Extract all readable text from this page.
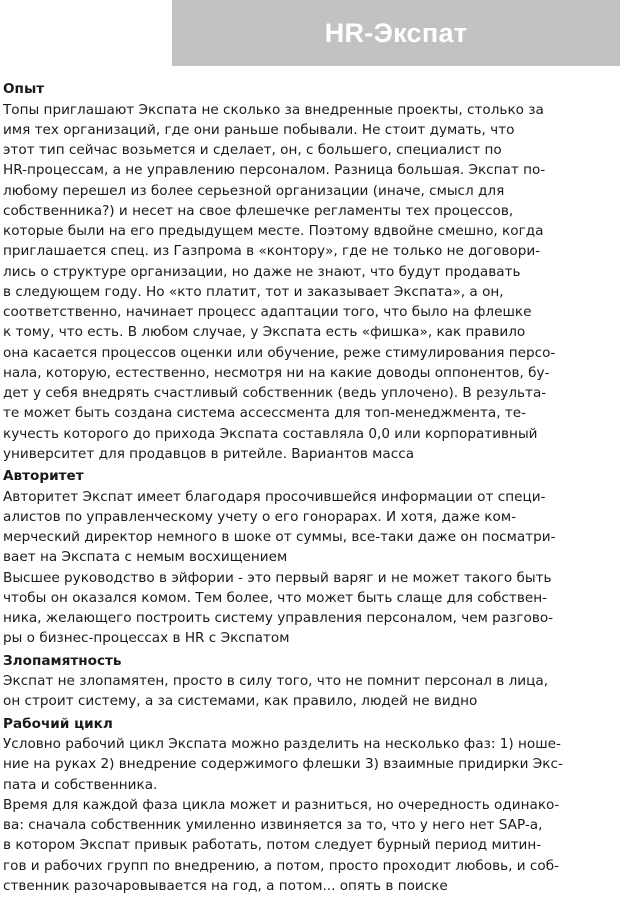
HR-Экспат
Опыт
Топы приглашают Экспата не сколько за внедренные проекты, столько за
имя тех организаций, где они раньше побывали. Не стоит думать, что
этот тип сейчас возьмется и сделает, он, с большего, специалист по
HR-процессам, а не управлению персоналом. Разница большая. Экспат по-
любому перешел из более серьезной организации (иначе, смысл для
собственника?) и несет на свое флешечке регламенты тех процессов,
которые были на его предыдущем месте. Поэтому вдвойне смешно, когда
приглашается спец. из Газпрома в «контору», где не только не договори-
лись о структуре организации, но даже не знают, что будут продавать
в следующем году. Но «кто платит, тот и заказывает Экспата», а он,
соответственно, начинает процесс адаптации того, что было на флешке
к тому, что есть. В любом случае, у Экспата есть «фишка», как правило
она касается процессов оценки или обучение, реже стимулирования персо-
нала, которую, естественно, несмотря ни на какие доводы оппонентов, бу-
дет у себя внедрять счастливый собственник (ведь уплочено). В результа-
те может быть создана система ассессмента для топ-менеджмента, те-
кучесть которого до прихода Экспата составляла 0,0 или корпоративный
университет для продавцов в ритейле. Вариантов масса
Авторитет
Авторитет Экспат имеет благодаря просочившейся информации от специ-
алистов по управленческому учету о его гонорарах. И хотя, даже ком-
мерческий директор немного в шоке от суммы, все-таки даже он посматри-
вает на Экспата с немым восхищением
Высшее руководство в эйфории - это первый варяг и не может такого быть
чтобы он оказался комом. Тем более, что может быть слаще для собствен-
ника, желающего построить систему управления персоналом, чем разгово-
ры о бизнес-процессах в HR с Экспатом
Злопамятность
Экспат не злопамятен, просто в силу того, что не помнит персонал в лица,
он строит систему, а за системами, как правило, людей не видно
Рабочий цикл
Условно рабочий цикл Экспата можно разделить на несколько фаз: 1) ноше-
ние на руках 2) внедрение содержимого флешки 3) взаимные придирки Экс-
пата и собственника.
Время для каждой фаза цикла может и разниться, но очередность одинако-
ва: сначала собственник умиленно извиняется за то, что у него нет SAP-а,
в котором Экспат привык работать, потом следует бурный период митин-
гов и рабочих групп по внедрению, а потом, просто проходит любовь, и соб-
ственник разочаровывается на год, а потом... опять в поиске
